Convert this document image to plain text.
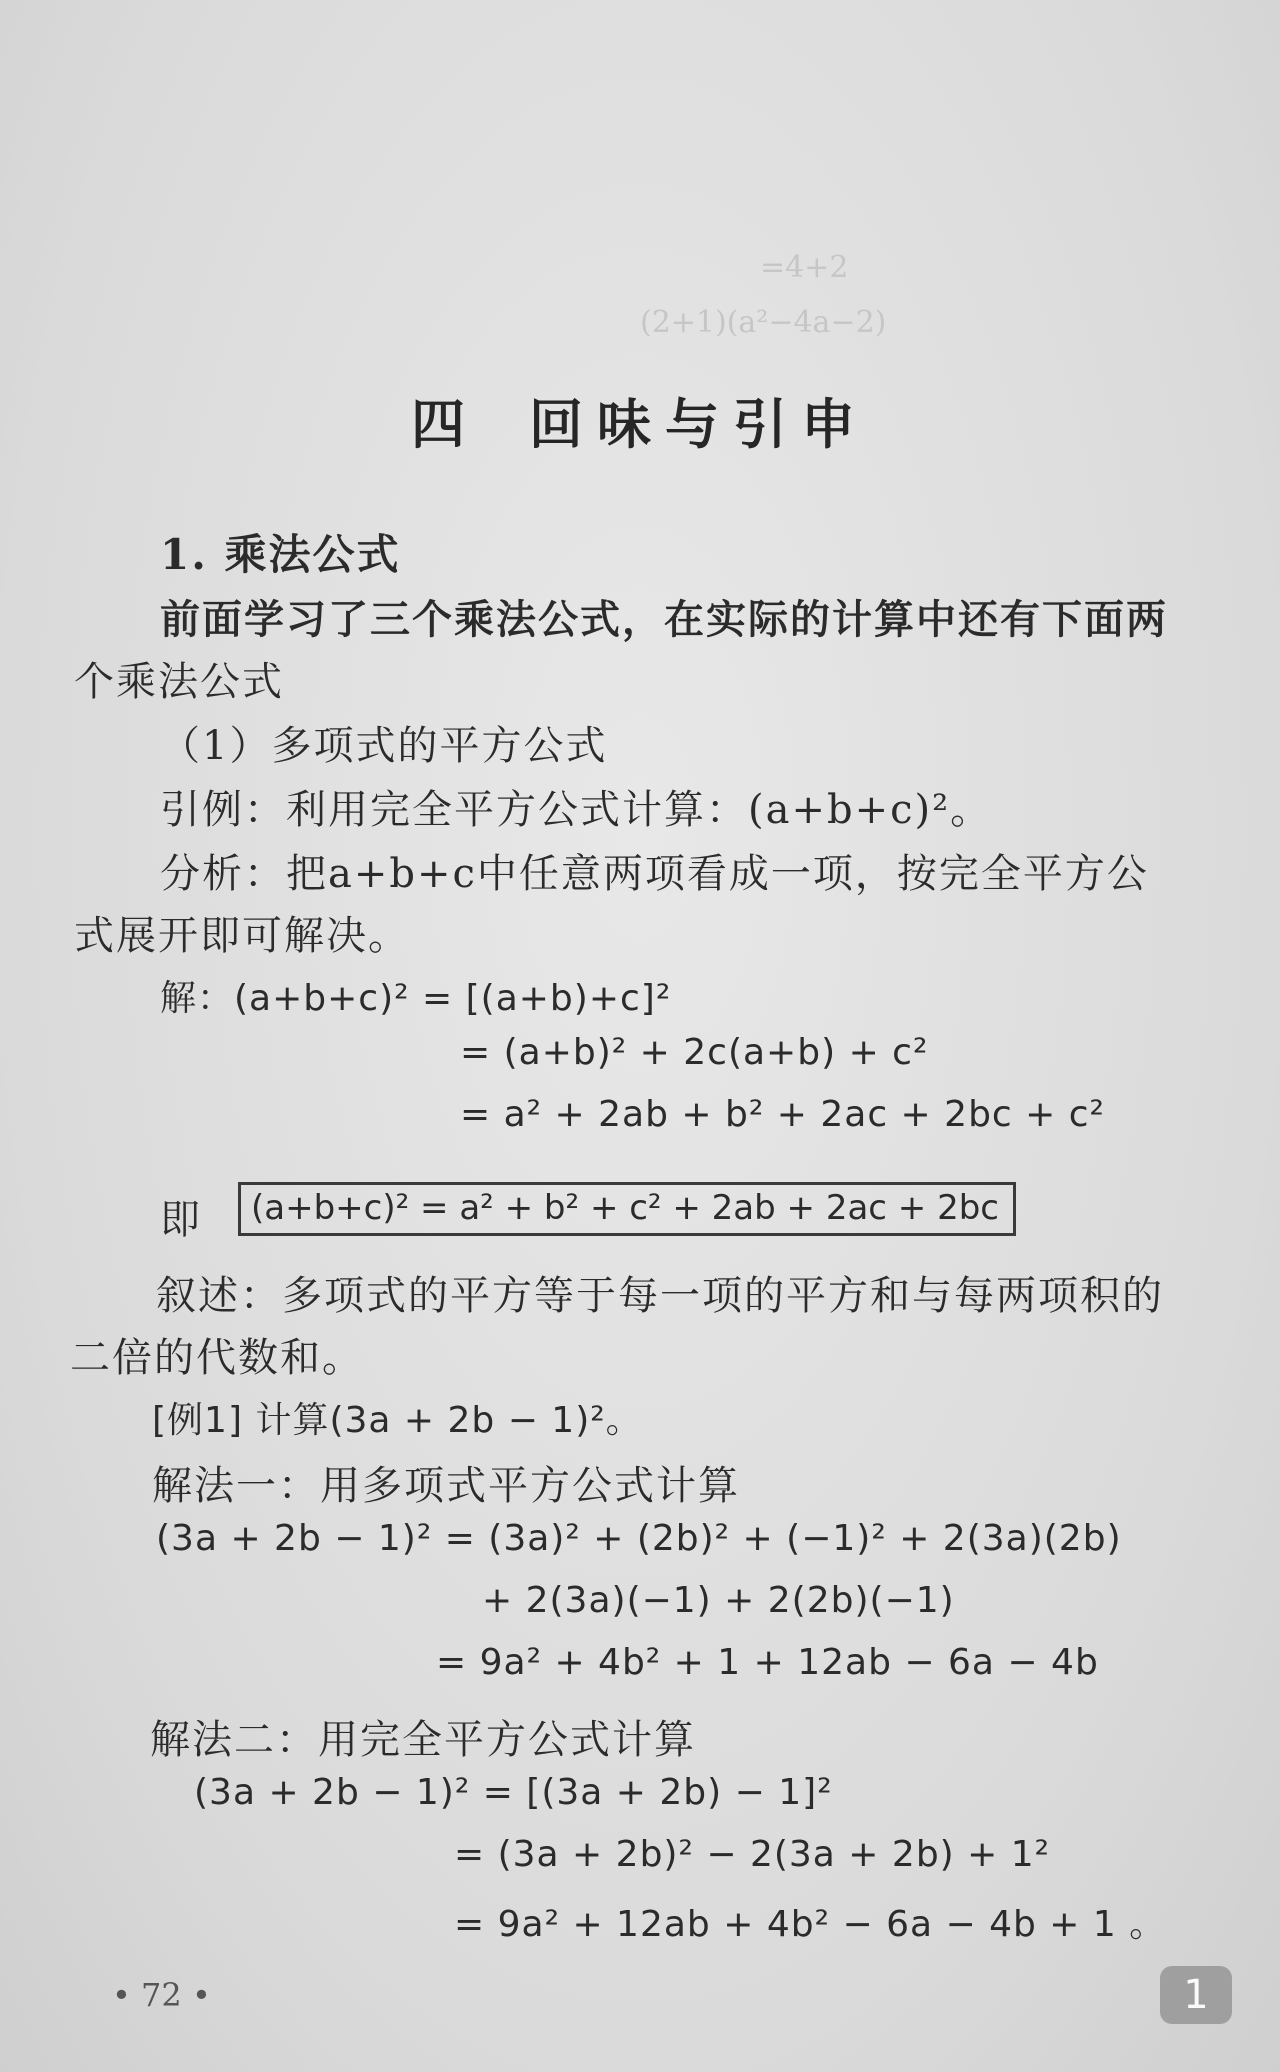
=4+2
(2+1)(a²−4a−2)
四 回味与引申
1. 乘法公式
前面学习了三个乘法公式，在实际的计算中还有下面两
个乘法公式
（1）多项式的平方公式
引例：利用完全平方公式计算：(a+b+c)²。
分析：把a+b+c中任意两项看成一项，按完全平方公
式展开即可解决。
解：(a+b+c)² = [(a+b)+c]²
= (a+b)² + 2c(a+b) + c²
= a² + 2ab + b² + 2ac + 2bc + c²
即	(a+b+c)² = a² + b² + c² + 2ab + 2ac + 2bc
叙述：多项式的平方等于每一项的平方和与每两项积的
二倍的代数和。
[例1] 计算(3a + 2b − 1)²。
解法一：用多项式平方公式计算
(3a + 2b − 1)² = (3a)² + (2b)² + (−1)² + 2(3a)(2b)
+ 2(3a)(−1) + 2(2b)(−1)
= 9a² + 4b² + 1 + 12ab − 6a − 4b
解法二：用完全平方公式计算
(3a + 2b − 1)² = [(3a + 2b) − 1]²
= (3a + 2b)² − 2(3a + 2b) + 1²
= 9a² + 12ab + 4b² − 6a − 4b + 1 。
• 72 •	1
